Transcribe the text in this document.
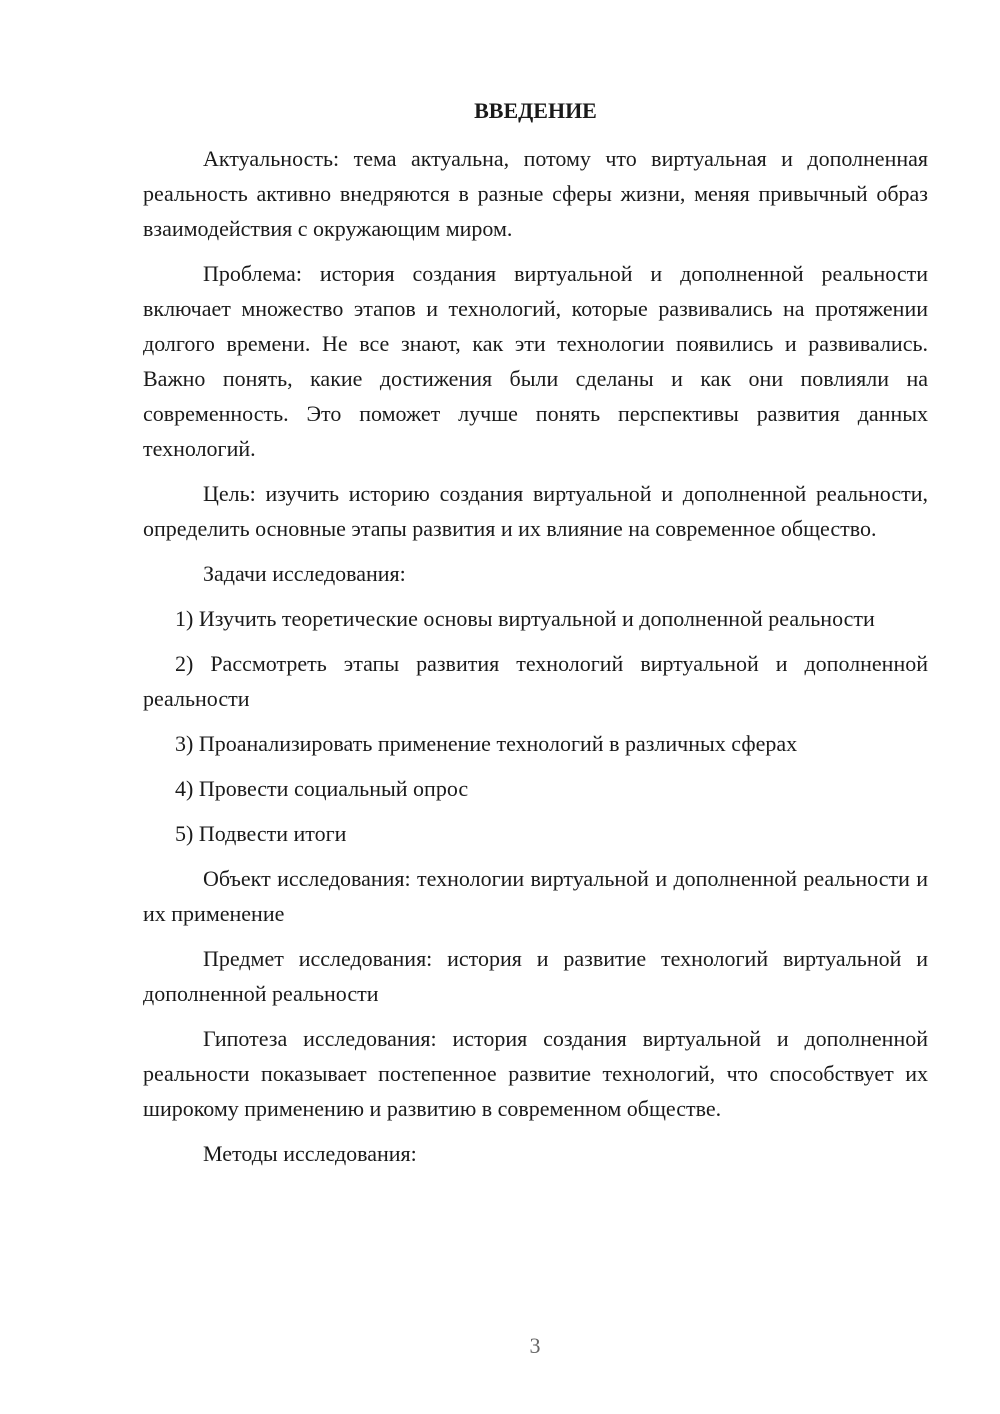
ВВЕДЕНИЕ

Актуальность: тема актуальна, потому что виртуальная и дополненная реальность активно внедряются в разные сферы жизни, меняя привычный образ взаимодействия с окружающим миром.

Проблема: история создания виртуальной и дополненной реальности включает множество этапов и технологий, которые развивались на протяжении долгого времени. Не все знают, как эти технологии появились и развивались. Важно понять, какие достижения были сделаны и как они повлияли на современность. Это поможет лучше понять перспективы развития данных технологий.

Цель: изучить историю создания виртуальной и дополненной реальности, определить основные этапы развития и их влияние на современное общество.

Задачи исследования:

1) Изучить теоретические основы виртуальной и дополненной реальности

2) Рассмотреть этапы развития технологий виртуальной и дополненной реальности

3) Проанализировать применение технологий в различных сферах

4) Провести социальный опрос

5) Подвести итоги

Объект исследования: технологии виртуальной и дополненной реальности и их применение

Предмет исследования: история и развитие технологий виртуальной и дополненной реальности

Гипотеза исследования: история создания виртуальной и дополненной реальности показывает постепенное развитие технологий, что способствует их широкому применению и развитию в современном обществе.

Методы исследования:

3
